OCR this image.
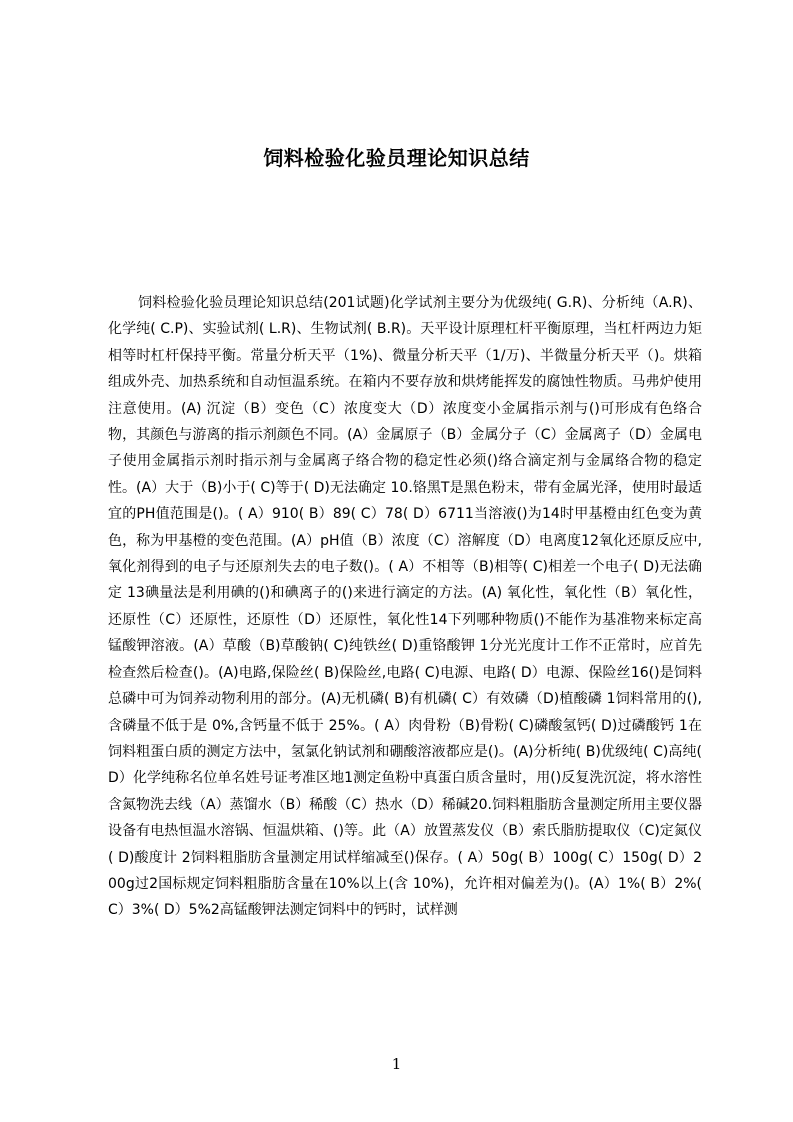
饲料检验化验员理论知识总结

饲料检验化验员理论知识总结(201试题)化学试剂主要分为优级纯( G.R)、分析纯（A.R)、化学纯( C.P)、实验试剂( L.R)、生物试剂( B.R)。天平设计原理杠杆平衡原理，当杠杆两边力矩相等时杠杆保持平衡。常量分析天平（1%)、微量分析天平（1/万)、半微量分析天平（)。烘箱组成外壳、加热系统和自动恒温系统。在箱内不要存放和烘烤能挥发的腐蚀性物质。马弗炉使用注意使用。(A) 沉淀（B）变色（C）浓度变大（D）浓度变小金属指示剂与()可形成有色络合物，其颜色与游离的指示剂颜色不同。(A）金属原子（B）金属分子（C）金属离子（D）金属电子使用金属指示剂时指示剂与金属离子络合物的稳定性必须()络合滴定剂与金属络合物的稳定性。(A）大于（B)小于( C)等于( D)无法确定 10.铬黑T是黑色粉末，带有金属光泽，使用时最适宜的PH值范围是()。( A）910( B）89( C）78( D）6711当溶液()为14时甲基橙由红色变为黄色，称为甲基橙的变色范围。(A）pH值（B）浓度（C）溶解度（D）电离度12氧化还原反应中,氧化剂得到的电子与还原剂失去的电子数()。( A）不相等（B)相等( C)相差一个电子( D)无法确定 13碘量法是利用碘的()和碘离子的()来进行滴定的方法。(A) 氧化性，氧化性（B）氧化性，还原性（C）还原性，还原性（D）还原性，氧化性14下列哪种物质()不能作为基准物来标定高锰酸钾溶液。(A）草酸（B)草酸钠( C)纯铁丝( D)重铬酸钾 1分光光度计工作不正常时，应首先检查然后检查()。(A)电路,保险丝( B)保险丝,电路( C)电源、电路( D）电源、保险丝16()是饲料总磷中可为饲养动物利用的部分。(A)无机磷( B)有机磷( C）有效磷（D)植酸磷 1饲料常用的(),含磷量不低于是 0%,含钙量不低于 25%。( A）肉骨粉（B)骨粉( C)磷酸氢钙( D)过磷酸钙 1在饲料粗蛋白质的测定方法中，氢氯化钠试剂和硼酸溶液都应是()。(A)分析纯( B)优级纯( C)高纯( D）化学纯称名位单名姓号证考准区地1测定鱼粉中真蛋白质含量时，用()反复洗沉淀，将水溶性含氮物洗去线（A）蒸馏水（B）稀酸（C）热水（D）稀碱20.饲料粗脂肪含量测定所用主要仪器设备有电热恒温水溶锅、恒温烘箱、()等。此（A）放置蒸发仪（B）索氏脂肪提取仪（C)定氮仪( D)酸度计 2饲料粗脂肪含量测定用试样缩减至()保存。( A）50g( B）100g( C）150g( D）200g过2国标规定饲料粗脂肪含量在10%以上(含 10%)，允许相对偏差为()。(A）1%( B）2%( C）3%( D）5%2高锰酸钾法测定饲料中的钙时，试样测

1
